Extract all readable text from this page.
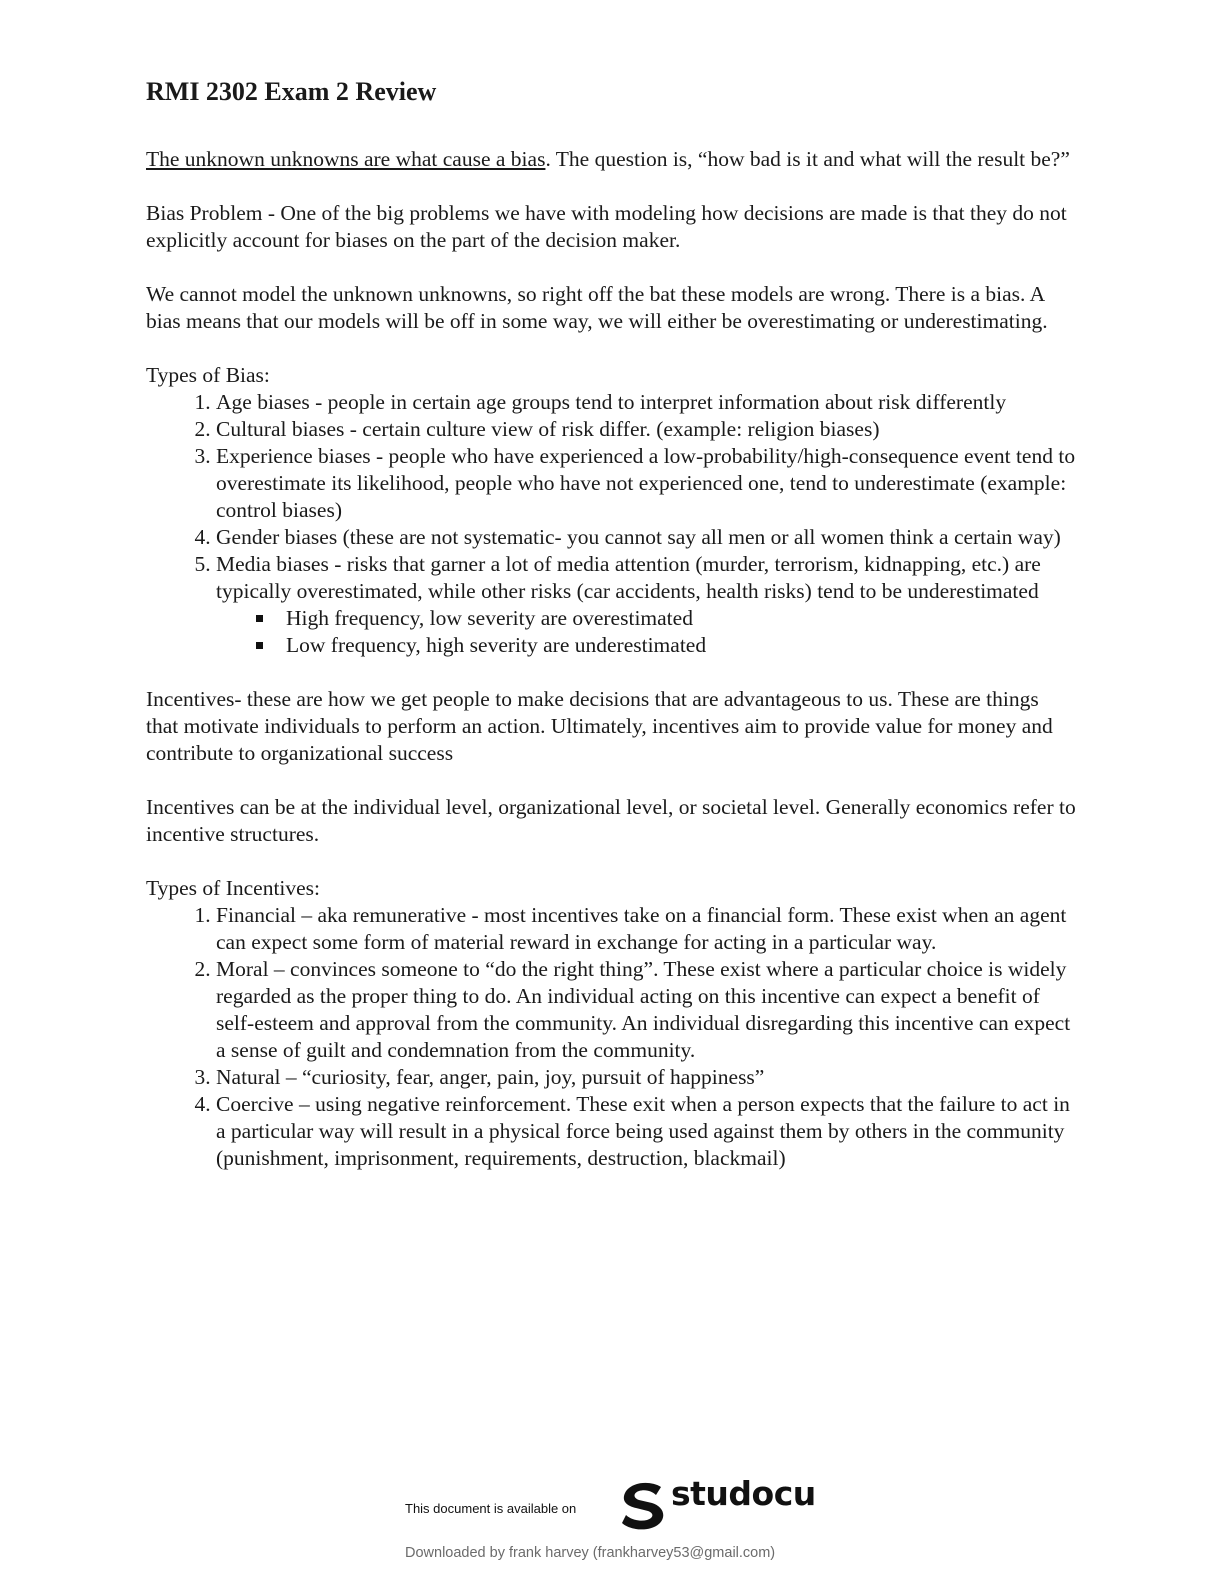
RMI 2302 Exam 2 Review

The unknown unknowns are what cause a bias. The question is, “how bad is it and what will the result be?”

Bias Problem - One of the big problems we have with modeling how decisions are made is that they do not explicitly account for biases on the part of the decision maker.

We cannot model the unknown unknowns, so right off the bat these models are wrong. There is a bias. A bias means that our models will be off in some way, we will either be overestimating or underestimating.

Types of Bias:
1. Age biases - people in certain age groups tend to interpret information about risk differently
2. Cultural biases - certain culture view of risk differ. (example: religion biases)
3. Experience biases - people who have experienced a low-probability/high-consequence event tend to overestimate its likelihood, people who have not experienced one, tend to underestimate (example: control biases)
4. Gender biases (these are not systematic- you cannot say all men or all women think a certain way)
5. Media biases - risks that garner a lot of media attention (murder, terrorism, kidnapping, etc.) are typically overestimated, while other risks (car accidents, health risks) tend to be underestimated
High frequency, low severity are overestimated
Low frequency, high severity are underestimated

Incentives- these are how we get people to make decisions that are advantageous to us. These are things that motivate individuals to perform an action. Ultimately, incentives aim to provide value for money and contribute to organizational success

Incentives can be at the individual level, organizational level, or societal level. Generally economics refer to incentive structures.

Types of Incentives:
1. Financial – aka remunerative - most incentives take on a financial form. These exist when an agent can expect some form of material reward in exchange for acting in a particular way.
2. Moral – convinces someone to “do the right thing”. These exist where a particular choice is widely regarded as the proper thing to do. An individual acting on this incentive can expect a benefit of self-esteem and approval from the community. An individual disregarding this incentive can expect a sense of guilt and condemnation from the community.
3. Natural – “curiosity, fear, anger, pain, joy, pursuit of happiness”
4. Coercive – using negative reinforcement. These exit when a person expects that the failure to act in a particular way will result in a physical force being used against them by others in the community (punishment, imprisonment, requirements, destruction, blackmail)
This document is available on	studocu
Downloaded by frank harvey (frankharvey53@gmail.com)
